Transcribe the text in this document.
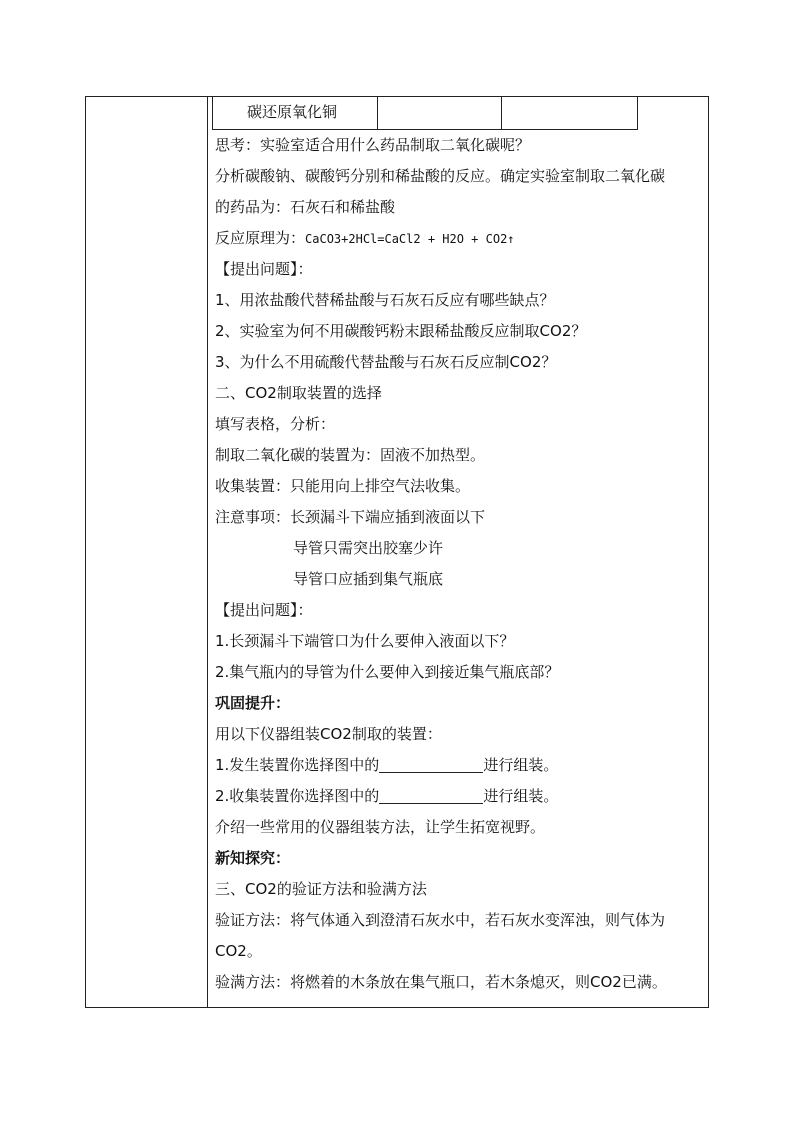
碳还原氧化铜
思考：实验室适合用什么药品制取二氧化碳呢？
分析碳酸钠、碳酸钙分别和稀盐酸的反应。确定实验室制取二氧化碳
的药品为：石灰石和稀盐酸
反应原理为：CaCO3+2HCl=CaCl2 + H2O + CO2↑
【提出问题】：
1、用浓盐酸代替稀盐酸与石灰石反应有哪些缺点？
2、实验室为何不用碳酸钙粉末跟稀盐酸反应制取CO2？
3、为什么不用硫酸代替盐酸与石灰石反应制CO2？
二、CO2制取装置的选择
填写表格，分析：
制取二氧化碳的装置为：固液不加热型。
收集装置：只能用向上排空气法收集。
注意事项：长颈漏斗下端应插到液面以下
导管只需突出胶塞少许
导管口应插到集气瓶底
【提出问题】：
1.长颈漏斗下端管口为什么要伸入液面以下？
2.集气瓶内的导管为什么要伸入到接近集气瓶底部？
巩固提升：
用以下仪器组装CO2制取的装置：
1.发生装置你选择图中的	进行组装。
2.收集装置你选择图中的	进行组装。
介绍一些常用的仪器组装方法，让学生拓宽视野。
新知探究：
三、CO2的验证方法和验满方法
验证方法：将气体通入到澄清石灰水中，若石灰水变浑浊，则气体为
CO2。
验满方法：将燃着的木条放在集气瓶口，若木条熄灭，则CO2已满。
